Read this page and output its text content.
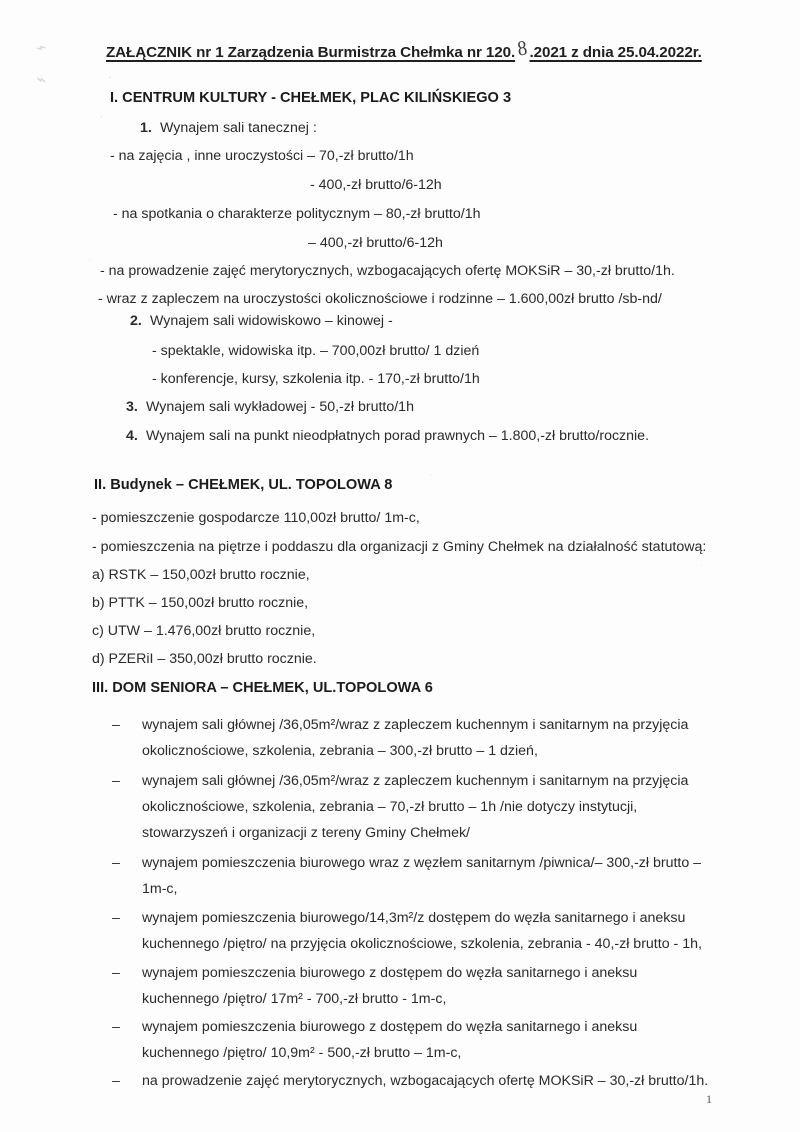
⌁
⌁	·
·
·
·
·
ZAŁĄCZNIK nr 1 Zarządzenia Burmistrza Chełmka nr 120.8.2021 z dnia 25.04.2022r.
I. CENTRUM KULTURY - CHEŁMEK, PLAC KILIŃSKIEGO 3
1. Wynajem sali tanecznej :
- na zajęcia , inne uroczystości – 70,-zł brutto/1h
- 400,-zł brutto/6-12h
- na spotkania o charakterze politycznym – 80,-zł brutto/1h
– 400,-zł brutto/6-12h
- na prowadzenie zajęć merytorycznych, wzbogacających ofertę MOKSiR – 30,-zł brutto/1h.
- wraz z zapleczem na uroczystości okolicznościowe i rodzinne – 1.600,00zł brutto /sb-nd/
2. Wynajem sali widowiskowo – kinowej -
- spektakle, widowiska itp. – 700,00zł brutto/ 1 dzień
- konferencje, kursy, szkolenia itp. - 170,-zł brutto/1h
3. Wynajem sali wykładowej - 50,-zł brutto/1h
4. Wynajem sali na punkt nieodpłatnych porad prawnych – 1.800,-zł brutto/rocznie.
II. Budynek – CHEŁMEK, UL. TOPOLOWA 8
- pomieszczenie gospodarcze 110,00zł brutto/ 1m-c,
- pomieszczenia na piętrze i poddaszu dla organizacji z Gminy Chełmek na działalność statutową:
a) RSTK – 150,00zł brutto rocznie,
b) PTTK – 150,00zł brutto rocznie,
c) UTW – 1.476,00zł brutto rocznie,
d) PZERiI – 350,00zł brutto rocznie.
III. DOM SENIORA – CHEŁMEK, UL.TOPOLOWA 6
– wynajem sali głównej /36,05m²/wraz z zapleczem kuchennym i sanitarnym na przyjęcia
okolicznościowe, szkolenia, zebrania – 300,-zł brutto – 1 dzień,
– wynajem sali głównej /36,05m²/wraz z zapleczem kuchennym i sanitarnym na przyjęcia
okolicznościowe, szkolenia, zebrania – 70,-zł brutto – 1h /nie dotyczy instytucji,
stowarzyszeń i organizacji z tereny Gminy Chełmek/
– wynajem pomieszczenia biurowego wraz z węzłem sanitarnym /piwnica/– 300,-zł brutto –
1m-c,
– wynajem pomieszczenia biurowego/14,3m²/z dostępem do węzła sanitarnego i aneksu
kuchennego /piętro/ na przyjęcia okolicznościowe, szkolenia, zebrania - 40,-zł brutto - 1h,
– wynajem pomieszczenia biurowego z dostępem do węzła sanitarnego i aneksu
kuchennego /piętro/ 17m² - 700,-zł brutto - 1m-c,
– wynajem pomieszczenia biurowego z dostępem do węzła sanitarnego i aneksu
kuchennego /piętro/ 10,9m² - 500,-zł brutto – 1m-c,
– na prowadzenie zajęć merytorycznych, wzbogacających ofertę MOKSiR – 30,-zł brutto/1h.
1
